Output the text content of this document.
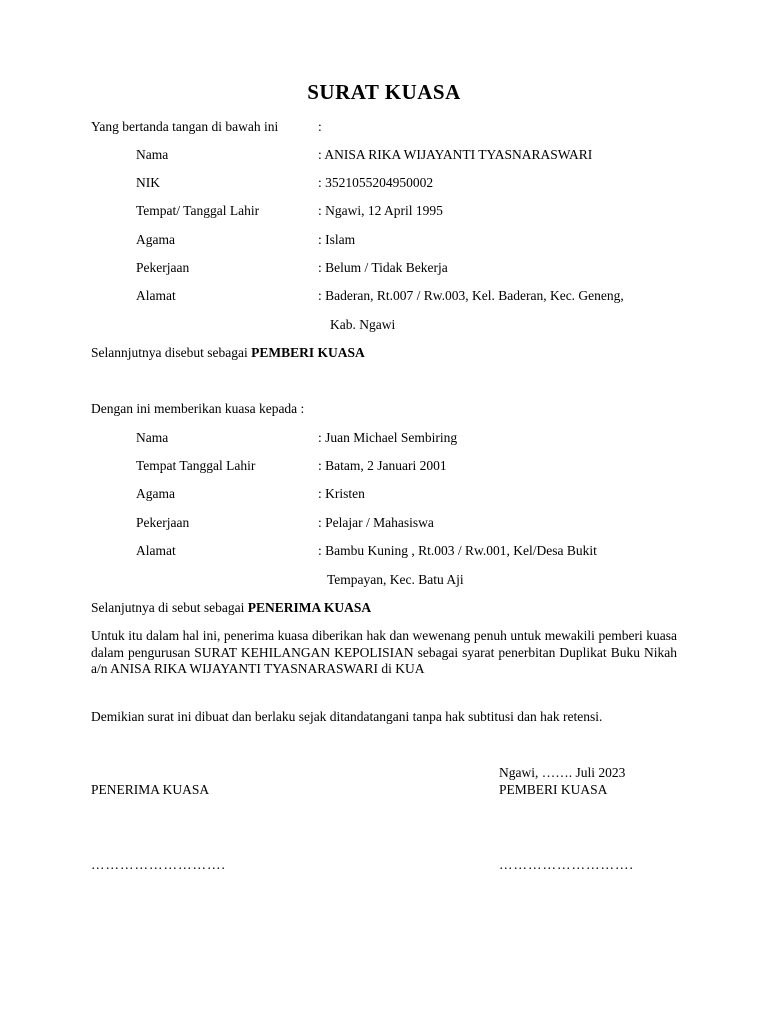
SURAT KUASA
Yang bertanda tangan di bawah ini	:
Nama	: ANISA RIKA WIJAYANTI TYASNARASWARI
NIK	: 3521055204950002
Tempat/ Tanggal Lahir	: Ngawi, 12 April 1995
Agama	: Islam
Pekerjaan	: Belum / Tidak Bekerja
Alamat	: Baderan, Rt.007 / Rw.003, Kel. Baderan, Kec. Geneng,
Kab. Ngawi
Selannjutnya disebut sebagai PEMBERI KUASA
Dengan ini memberikan kuasa kepada :
Nama	: Juan Michael Sembiring
Tempat Tanggal Lahir	: Batam, 2 Januari 2001
Agama	: Kristen
Pekerjaan	: Pelajar / Mahasiswa
Alamat	: Bambu Kuning , Rt.003 / Rw.001, Kel/Desa Bukit
Tempayan, Kec. Batu Aji
Selanjutnya di sebut sebagai PENERIMA KUASA
Untuk itu dalam hal ini, penerima kuasa diberikan hak dan wewenang penuh untuk mewakili pemberi kuasa dalam pengurusan SURAT KEHILANGAN KEPOLISIAN sebagai syarat penerbitan Duplikat Buku Nikah a/n ANISA RIKA WIJAYANTI TYASNARASWARI di KUA
Demikian surat ini dibuat dan berlaku sejak ditandatangani tanpa hak subtitusi dan hak retensi.
Ngawi, ……. Juli 2023
PENERIMA KUASA	PEMBERI KUASA
……………………….	……………………….
